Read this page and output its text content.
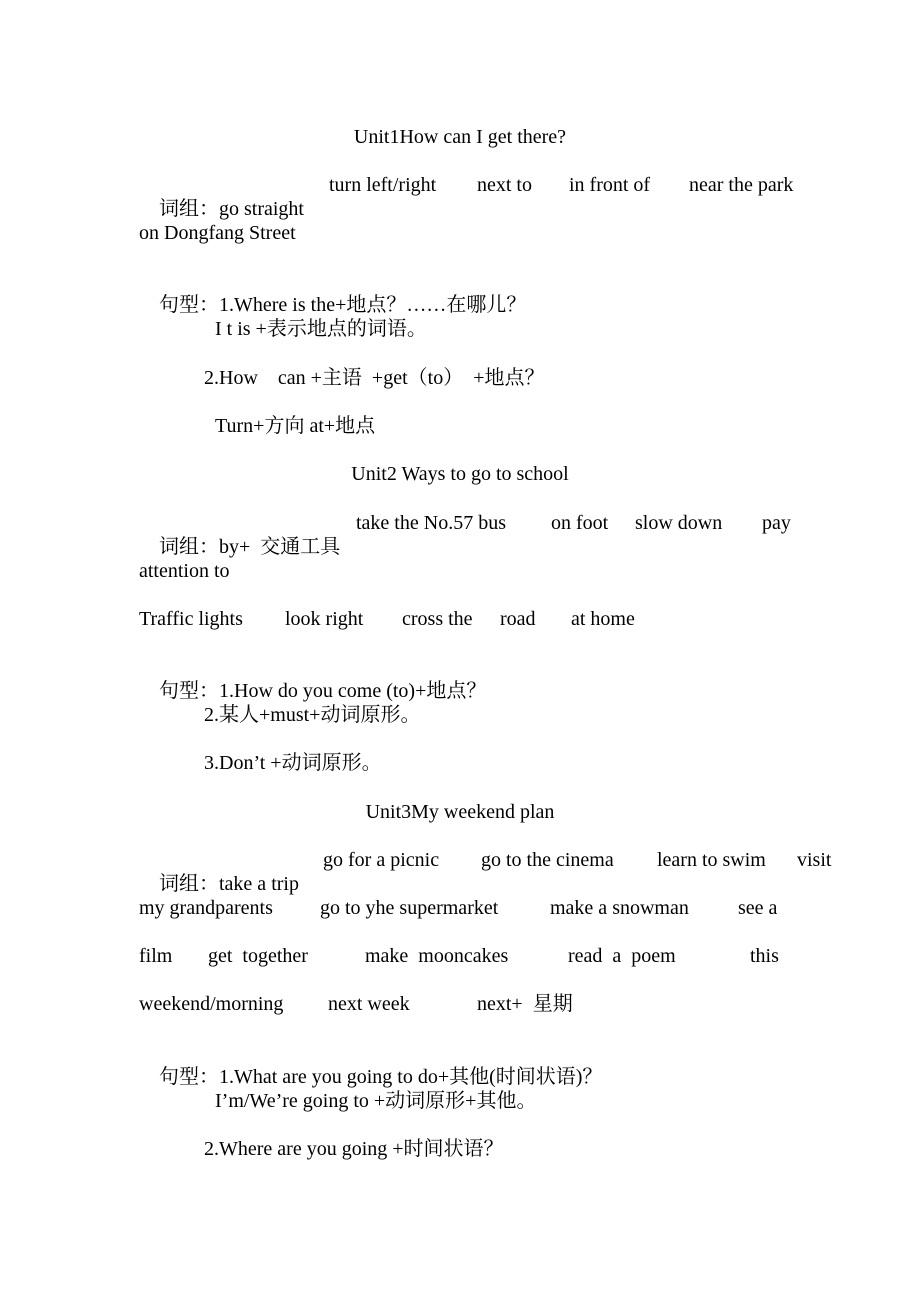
Unit1How can I get there?

词组：go straight

turn left/right next to in front of near the park
on Dongfang Street

句型：1.Where is the+地点？……在哪儿？

I t is +表示地点的词语。
2.How    can +主语  +get（to）  +地点？
Turn+方向 at+地点
Unit2 Ways to go to school

词组：by+  交通工具

take the No.57 bus on foot slow down pay
attention to
Traffic lights look right cross the road at home

句型：1.How do you come (to)+地点？

2.某人+must+动词原形。
3.Don’t +动词原形。
Unit3My weekend plan

词组：take a trip

go for a picnic go to the cinema learn to swim visit
my grandparents go to yhe supermarket	make a snowman see a
film get  together	make  mooncakes	read  a  poem	this
weekend/morning next week	next+  星期

句型：1.What are you going to do+其他(时间状语)？

I’m/We’re going to +动词原形+其他。
2.Where are you going +时间状语？
